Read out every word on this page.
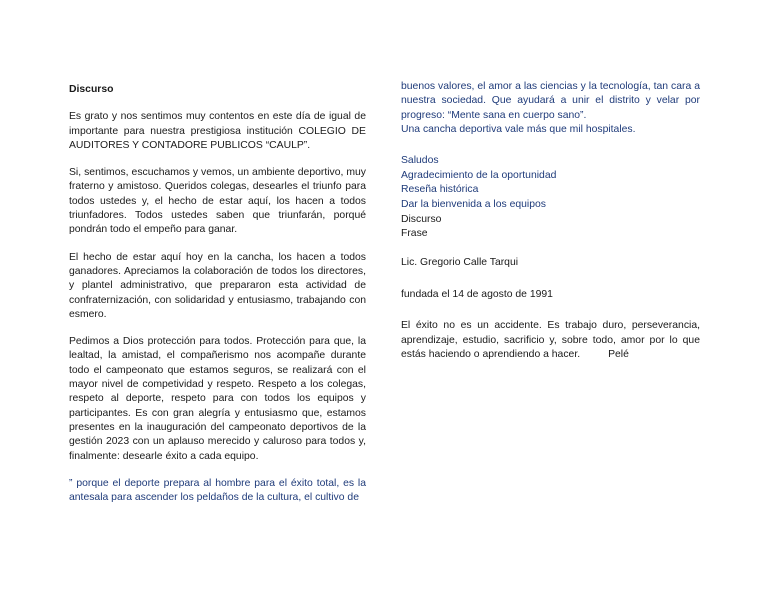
Discurso

Es grato y nos sentimos muy contentos en este día de igual de importante para nuestra prestigiosa institución COLEGIO DE AUDITORES Y CONTADORE PUBLICOS “CAULP”.

Si, sentimos, escuchamos y vemos, un ambiente deportivo, muy fraterno y amistoso. Queridos colegas, desearles el triunfo para todos ustedes y, el hecho de estar aquí, los hacen a todos triunfadores. Todos ustedes saben que triunfarán, porqué pondrán todo el empeño para ganar.

El hecho de estar aquí hoy en la cancha, los hacen a todos ganadores. Apreciamos la colaboración de todos los directores, y plantel administrativo, que prepararon esta actividad de confraternización, con solidaridad y entusiasmo, trabajando con esmero.

Pedimos a Dios protección para todos. Protección para que, la lealtad, la amistad, el compañerismo nos acompañe durante todo el campeonato que estamos seguros, se realizará con el mayor nivel de competividad y respeto. Respeto a los colegas, respeto al deporte, respeto para con todos los equipos y participantes. Es con gran alegría y entusiasmo que, estamos presentes en la inauguración del campeonato deportivos de la gestión 2023 con un aplauso merecido y caluroso para todos y, finalmente: desearle éxito a cada equipo.

” porque el deporte prepara al hombre para el éxito total, es la antesala para ascender los peldaños de la cultura, el cultivo de

buenos valores, el amor a las ciencias y la tecnología, tan cara a nuestra sociedad. Que ayudará a unir el distrito y velar por progreso: “Mente sana en cuerpo sano”.

Una cancha deportiva vale más que mil hospitales.

Saludos
Agradecimiento de la oportunidad
Reseña histórica
Dar la bienvenida a los equipos
Discurso
Frase

Lic. Gregorio Calle Tarqui

fundada el 14 de agosto de 1991

El éxito no es un accidente. Es trabajo duro, perseverancia, aprendizaje, estudio, sacrificio y, sobre todo, amor por lo que estás haciendo o aprendiendo a hacer.	Pelé
